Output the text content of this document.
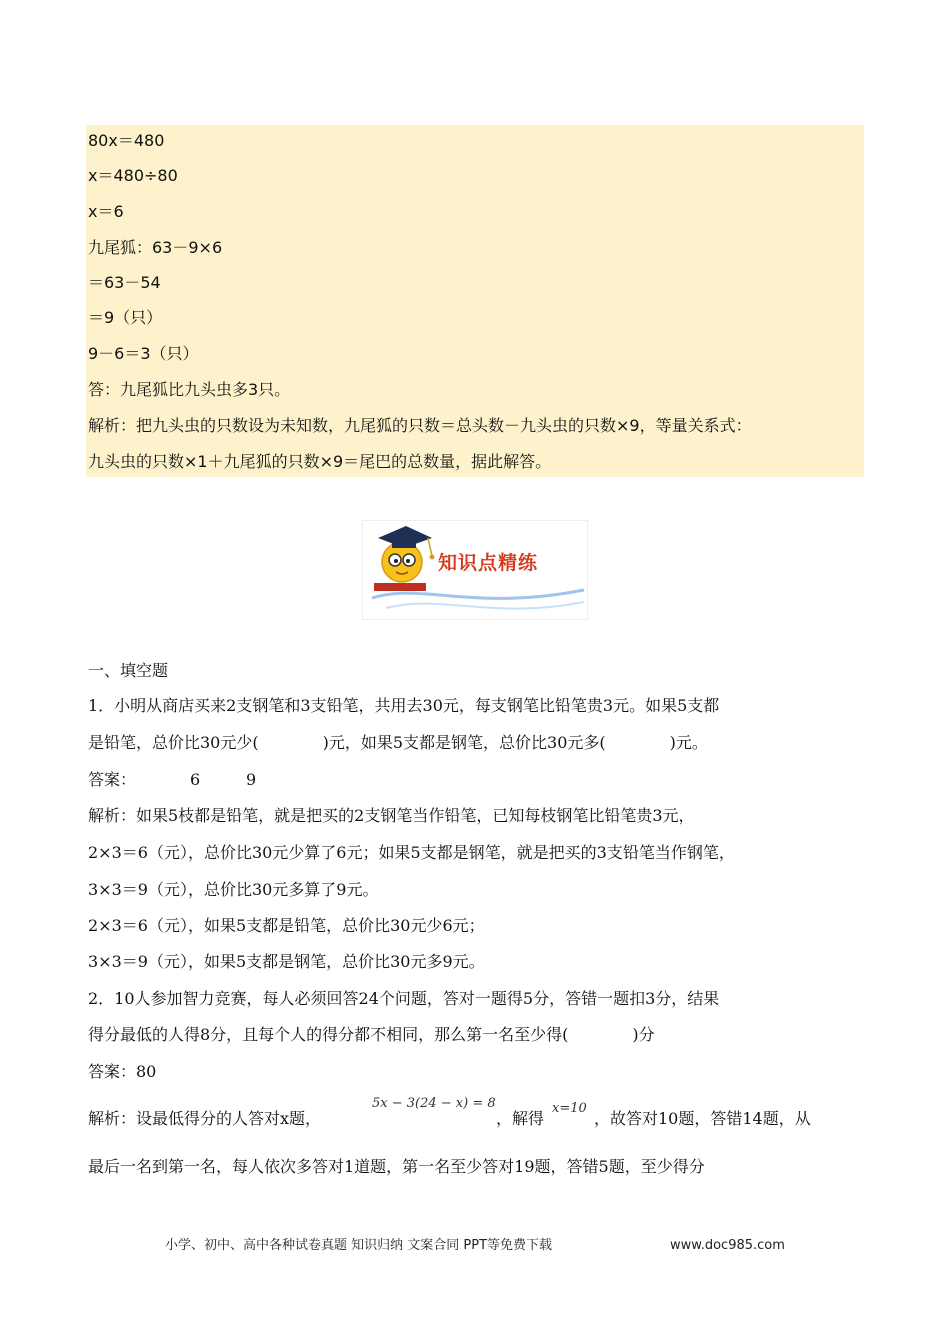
80x＝480
x＝480÷80
x＝6
九尾狐：63－9×6
＝63－54
＝9（只）
9－6＝3（只）
答：九尾狐比九头虫多3只。
解析：把九头虫的只数设为未知数，九尾狐的只数＝总头数－九头虫的只数×9，等量关系式：
九头虫的只数×1＋九尾狐的只数×9＝尾巴的总数量，据此解答。
知识点精练
一、填空题
1．小明从商店买来2支钢笔和3支铅笔，共用去30元，每支钢笔比铅笔贵3元。如果5支都
是铅笔，总价比30元少(　　　　)元，如果5支都是钢笔，总价比30元多(　　　　)元。
答案：	6	9
解析：如果5枝都是铅笔，就是把买的2支钢笔当作铅笔，已知每枝钢笔比铅笔贵3元，
2×3＝6（元），总价比30元少算了6元；如果5支都是钢笔，就是把买的3支铅笔当作钢笔，
3×3＝9（元），总价比30元多算了9元。
2×3＝6（元），如果5支都是铅笔，总价比30元少6元；
3×3＝9（元），如果5支都是钢笔，总价比30元多9元。
2．10人参加智力竞赛，每人必须回答24个问题，答对一题得5分，答错一题扣3分，结果
得分最低的人得8分，且每个人的得分都不相同，那么第一名至少得(　　　　)分
答案：80
解析：设最低得分的人答对x题，
5x − 3(24 − x) = 8
，解得
x=10
，故答对10题，答错14题，从
最后一名到第一名，每人依次多答对1道题，第一名至少答对19题，答错5题，至少得分
小学、初中、高中各种试卷真题 知识归纳 文案合同 PPT等免费下载	www.doc985.com
